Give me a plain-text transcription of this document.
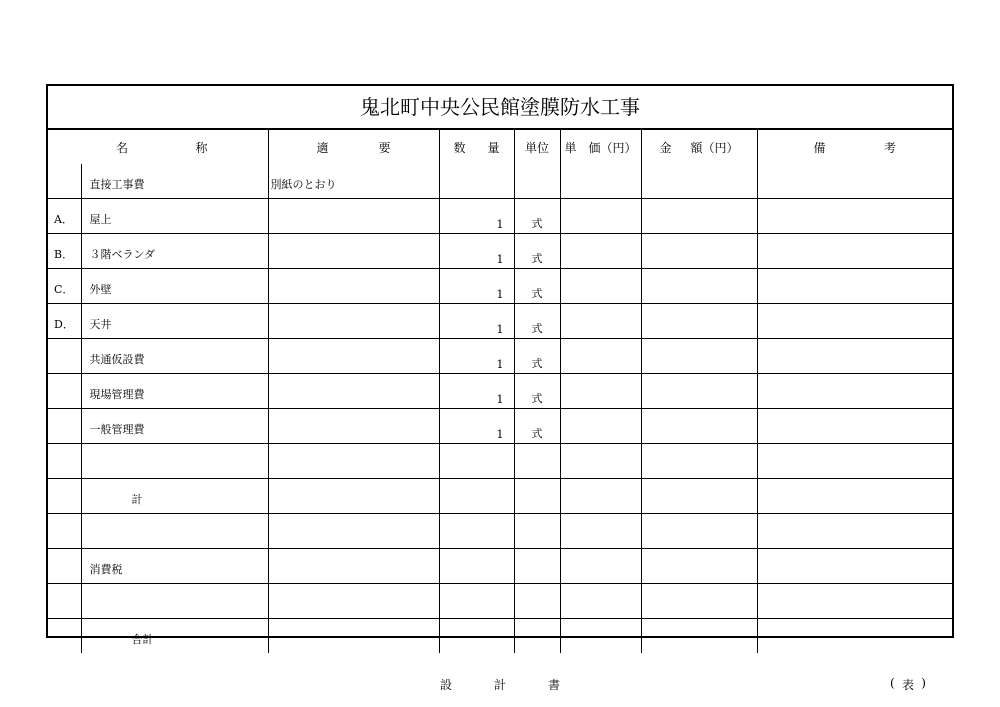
鬼北町中央公民館塗膜防水工事
名 称		適 要	数 量	単位	単 価（円）	金 額（円）	備 考

	直接工事費	別紙のとおり					

A．	屋上		1	式			

B．	３階ベランダ		1	式			

C．	外壁		1	式			

D．	天井		1	式			

	共通仮設費		1	式			

	現場管理費		1	式			

	一般管理費		1	式			

	計						

	消費税						

	合計						

設	計	書	( 表 )
